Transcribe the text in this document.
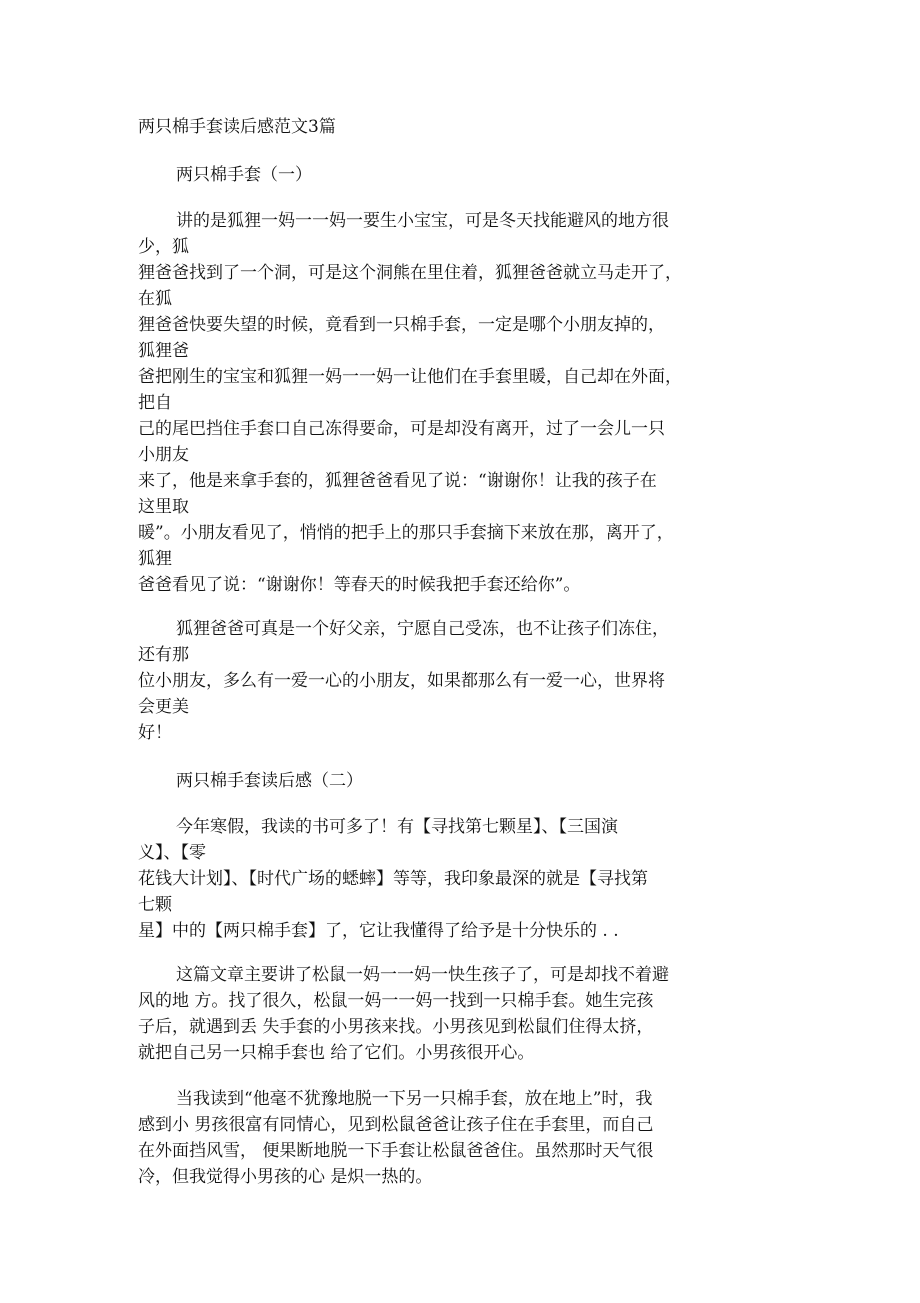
两只棉手套读后感范文3篇

两只棉手套（一）

讲的是狐狸一妈一一妈一要生小宝宝，可是冬天找能避风的地方很

少，狐

狸爸爸找到了一个洞，可是这个洞熊在里住着，狐狸爸爸就立马走开了，

在狐

狸爸爸快要失望的时候，竟看到一只棉手套，一定是哪个小朋友掉的，

狐狸爸

爸把刚生的宝宝和狐狸一妈一一妈一让他们在手套里暖，自己却在外面，

把自

己的尾巴挡住手套口自己冻得要命，可是却没有离开，过了一会儿一只

小朋友

来了，他是来拿手套的，狐狸爸爸看见了说：“谢谢你！让我的孩子在

这里取

暖”。小朋友看见了，悄悄的把手上的那只手套摘下来放在那，离开了，

狐狸

爸爸看见了说：“谢谢你！等春天的时候我把手套还给你”。

狐狸爸爸可真是一个好父亲，宁愿自己受冻，也不让孩子们冻住，

还有那

位小朋友，多么有一爱一心的小朋友，如果都那么有一爱一心，世界将

会更美

好！

两只棉手套读后感（二）

今年寒假，我读的书可多了！有【寻找第七颗星】、【三国演

义】、【零

花钱大计划】、【时代广场的蟋蟀】等等，我印象最深的就是【寻找第

七颗

星】中的【两只棉手套】了，它让我懂得了给予是十分快乐的 . .

这篇文章主要讲了松鼠一妈一一妈一快生孩子了，可是却找不着避

风的地 方。找了很久，松鼠一妈一一妈一找到一只棉手套。她生完孩

子后，就遇到丢 失手套的小男孩来找。小男孩见到松鼠们住得太挤，

就把自己另一只棉手套也 给了它们。小男孩很开心。

当我读到“他毫不犹豫地脱一下另一只棉手套，放在地上”时，我

感到小 男孩很富有同情心，见到松鼠爸爸让孩子住在手套里，而自己

在外面挡风雪， 便果断地脱一下手套让松鼠爸爸住。虽然那时天气很

冷，但我觉得小男孩的心 是炽一热的。
